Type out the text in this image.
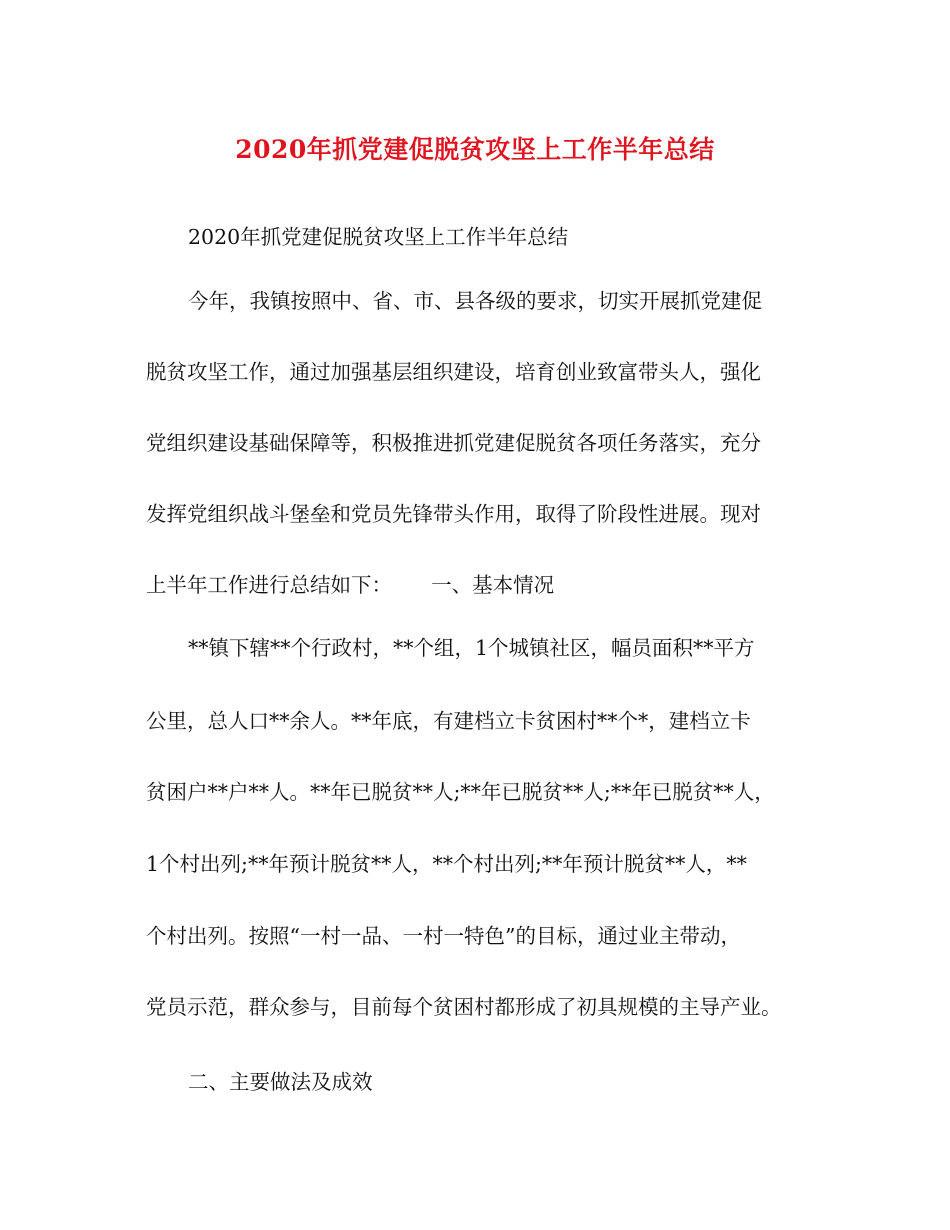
2020年抓党建促脱贫攻坚上工作半年总结
2020年抓党建促脱贫攻坚上工作半年总结
今年，我镇按照中、省、市、县各级的要求，切实开展抓党建促
脱贫攻坚工作，通过加强基层组织建设，培育创业致富带头人，强化
党组织建设基础保障等，积极推进抓党建促脱贫各项任务落实，充分
发挥党组织战斗堡垒和党员先锋带头作用，取得了阶段性进展。现对
上半年工作进行总结如下：      一、基本情况
**镇下辖**个行政村，**个组，1个城镇社区，幅员面积**平方
公里，总人口**余人。**年底，有建档立卡贫困村**个*，建档立卡
贫困户**户**人。**年已脱贫**人;**年已脱贫**人;**年已脱贫**人，
1个村出列;**年预计脱贫**人，**个村出列;**年预计脱贫**人，**
个村出列。按照“一村一品、一村一特色”的目标，通过业主带动，
党员示范，群众参与，目前每个贫困村都形成了初具规模的主导产业。
二、主要做法及成效
